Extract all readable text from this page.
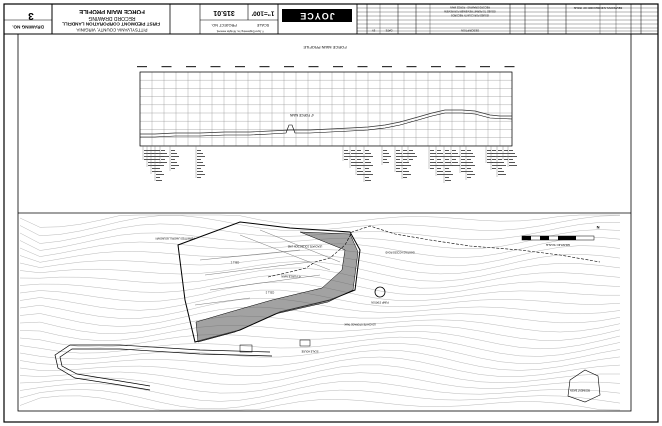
3
DRAWING NO.
FORCE MAIN PROFILE
RECORD DRAWING
FIRST PIEDMONT CORPORATION LANDFILL
PITTSYLVANIA COUNTY, VIRGINIA
315.01
PROJECT NO.
1"=100'
SCALE
JOYCE
© Joyce Engineering, Inc. All rights reserved.
REVISIONS AND RECORD OF ISSUE
DESCRIPTION
DATE
BY
RECORD DRAWING - FORCE MAIN
ISSUED TO PERMIT REVIEWER FOR REVIEW
ISSUED FOR COUNTY RECORDS
FORCE MAIN PROFILE
4" FORCE MAIN
GRAPHIC SCALE
PERMITTED LANDFILL BOUNDARY
4" FORCE MAIN
LEACHATE COLLECTION LINE
EXISTING ACCESS ROAD
SEDIMENT BASIN
LEACHATE STORAGE TANK
SCALE HOUSE
PUMP STATION
CELL 1
CELL 2
N
